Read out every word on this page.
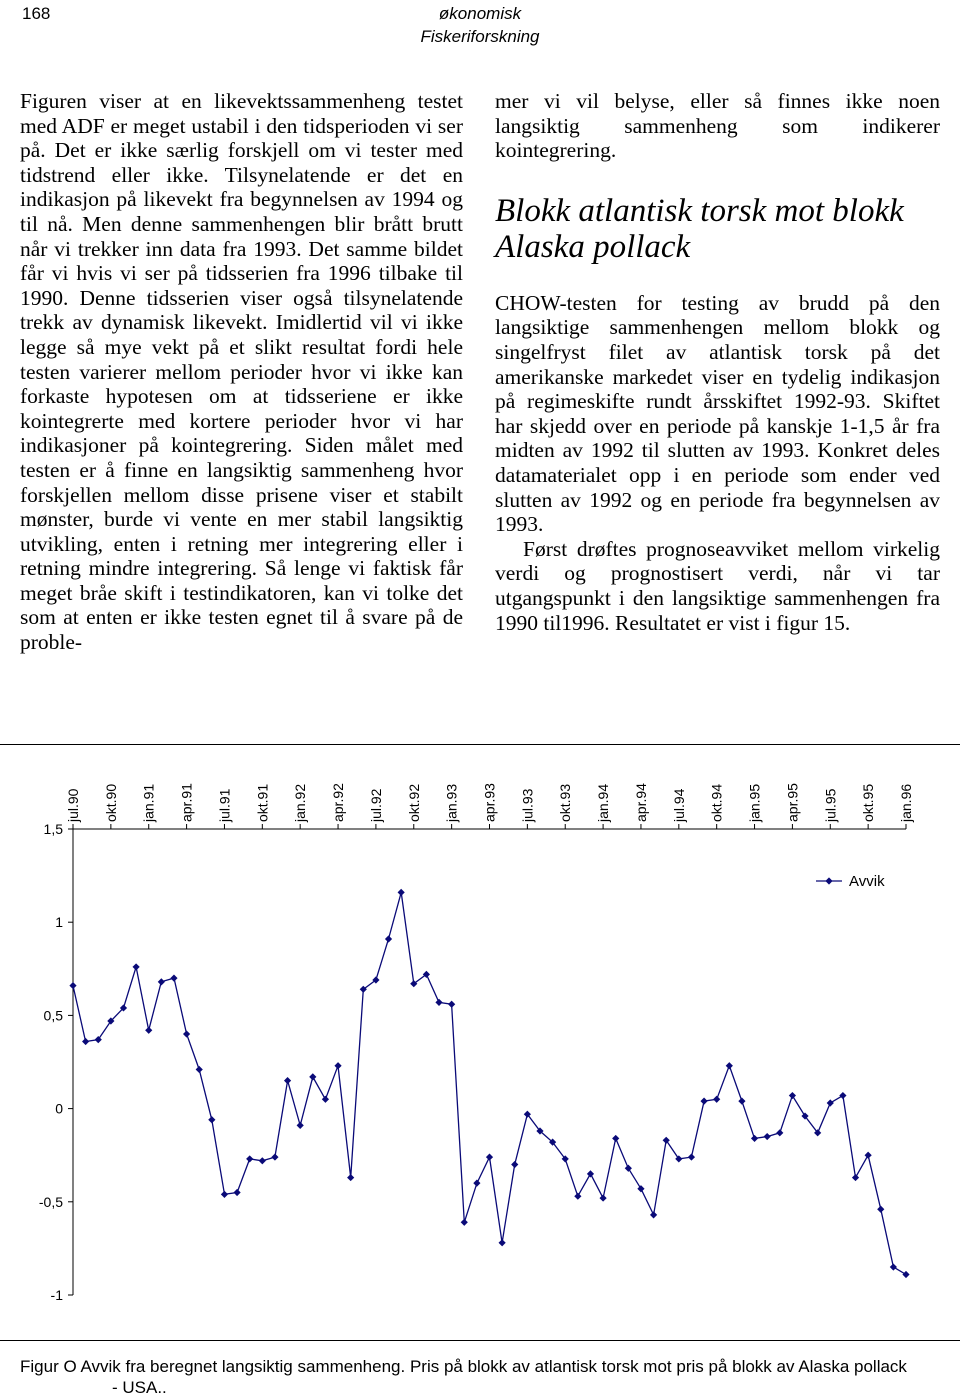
168	økonomisk
Fiskeriforskning

Figuren viser at en likevektssammenheng testet med ADF er meget ustabil i den tidsperioden vi ser på. Det er ikke særlig forskjell om vi tester med tidstrend eller ikke. Tilsynelatende er det en indikasjon på likevekt fra begynnelsen av 1994 og til nå. Men denne sammenhengen blir brått brutt når vi trekker inn data fra 1993. Det samme bildet får vi hvis vi ser på tidsserien fra 1996 tilbake til 1990. Denne tidsserien viser også tilsynelatende trekk av dynamisk likevekt. Imidlertid vil vi ikke legge så mye vekt på et slikt resultat fordi hele testen varierer mellom perioder hvor vi ikke kan forkaste hypotesen om at tidsseriene er ikke kointegrerte med kortere perioder hvor vi har indikasjoner på kointegrering. Siden målet med testen er å finne en langsiktig sammenheng hvor forskjellen mellom disse prisene viser et stabilt mønster, burde vi vente en mer stabil langsiktig utvikling, enten i retning mer integrering eller i retning mindre integrering. Så lenge vi faktisk får meget bråe skift i testindikatoren, kan vi tolke det som at enten er ikke testen egnet til å svare på de proble-

mer vi vil belyse, eller så finnes ikke noen langsiktig sammenheng som indikerer kointegrering.

Blokk atlantisk torsk mot blokk Alaska pollack

CHOW-testen for testing av brudd på den langsiktige sammenhengen mellom blokk og singelfryst filet av atlantisk torsk på det amerikanske markedet viser en tydelig indikasjon på regimeskifte rundt årsskiftet 1992-93. Skiftet har skjedd over en periode på kanskje 1-1,5 år fra midten av 1992 til slutten av 1993. Konkret deles datamaterialet opp i en periode som ender ved slutten av 1992 og en periode fra begynnelsen av 1993.

Først drøftes prognoseavviket mellom virkelig verdi og prognostisert verdi, når vi tar utgangspunkt i den langsiktige sammenhengen fra 1990 til1996. Resultatet er vist i figur 15.

1,5
1
0,5
0
-0,5
-1
jul.90 okt.90 jan.91 apr.91 jul.91 okt.91 jan.92 apr.92 jul.92 okt.92 jan.93 apr.93 jul.93 okt.93 jan.94 apr.94 jul.94 okt.94 jan.95 apr.95 jul.95 okt.95 jan.96
Avvik
Figur O Avvik fra beregnet langsiktig sammenheng. Pris på blokk av atlantisk torsk mot pris på blokk av Alaska pollack
- USA..
